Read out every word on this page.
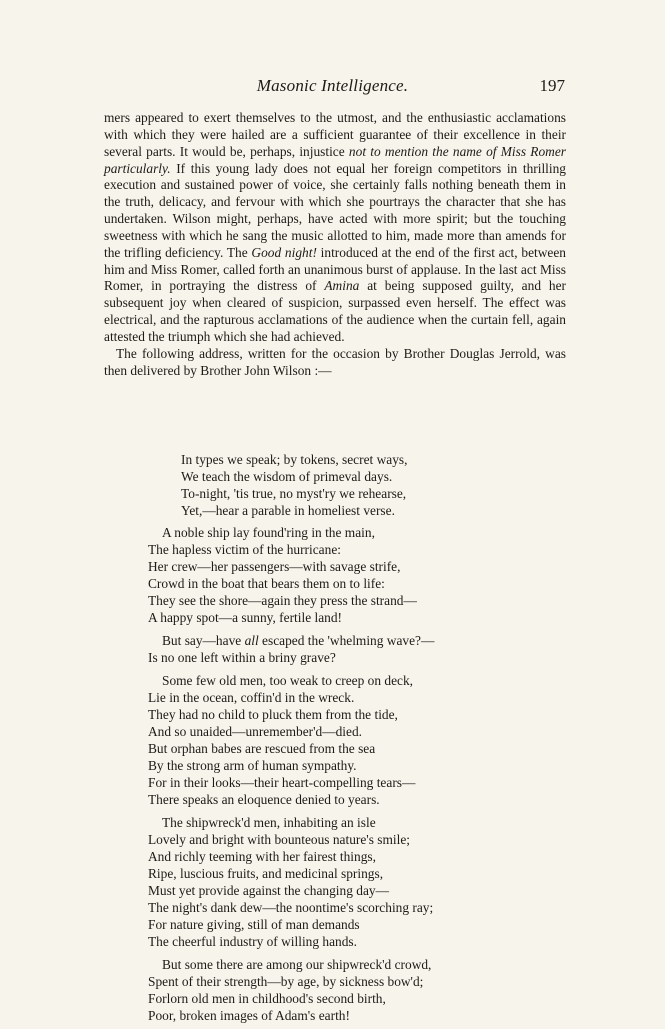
Masonic Intelligence.	197

mers appeared to exert themselves to the utmost, and the enthusiastic acclamations with which they were hailed are a sufficient guarantee of their excellence in their several parts. It would be, perhaps, injustice not to mention the name of Miss Romer particularly. If this young lady does not equal her foreign competitors in thrilling execution and sustained power of voice, she certainly falls nothing beneath them in the truth, delicacy, and fervour with which she pourtrays the character that she has undertaken. Wilson might, perhaps, have acted with more spirit; but the touching sweetness with which he sang the music allotted to him, made more than amends for the trifling deficiency. The Good night! introduced at the end of the first act, between him and Miss Romer, called forth an unanimous burst of applause. In the last act Miss Romer, in portraying the distress of Amina at being supposed guilty, and her subsequent joy when cleared of suspicion, surpassed even herself. The effect was electrical, and the rapturous acclamations of the audience when the curtain fell, again attested the triumph which she had achieved.

The following address, written for the occasion by Brother Douglas Jerrold, was then delivered by Brother John Wilson :—

In types we speak; by tokens, secret ways,
We teach the wisdom of primeval days.
To-night, 'tis true, no myst'ry we rehearse,
Yet,—hear a parable in homeliest verse.
A noble ship lay found'ring in the main,
The hapless victim of the hurricane:
Her crew—her passengers—with savage strife,
Crowd in the boat that bears them on to life:
They see the shore—again they press the strand—
A happy spot—a sunny, fertile land!
But say—have all escaped the 'whelming wave?—
Is no one left within a briny grave?
Some few old men, too weak to creep on deck,
Lie in the ocean, coffin'd in the wreck.
They had no child to pluck them from the tide,
And so unaided—unremember'd—died.
But orphan babes are rescued from the sea
By the strong arm of human sympathy.
For in their looks—their heart-compelling tears—
There speaks an eloquence denied to years.
The shipwreck'd men, inhabiting an isle
Lovely and bright with bounteous nature's smile;
And richly teeming with her fairest things,
Ripe, luscious fruits, and medicinal springs,
Must yet provide against the changing day—
The night's dank dew—the noontime's scorching ray;
For nature giving, still of man demands
The cheerful industry of willing hands.
But some there are among our shipwreck'd crowd,
Spent of their strength—by age, by sickness bow'd;
Forlorn old men in childhood's second birth,
Poor, broken images of Adam's earth!
